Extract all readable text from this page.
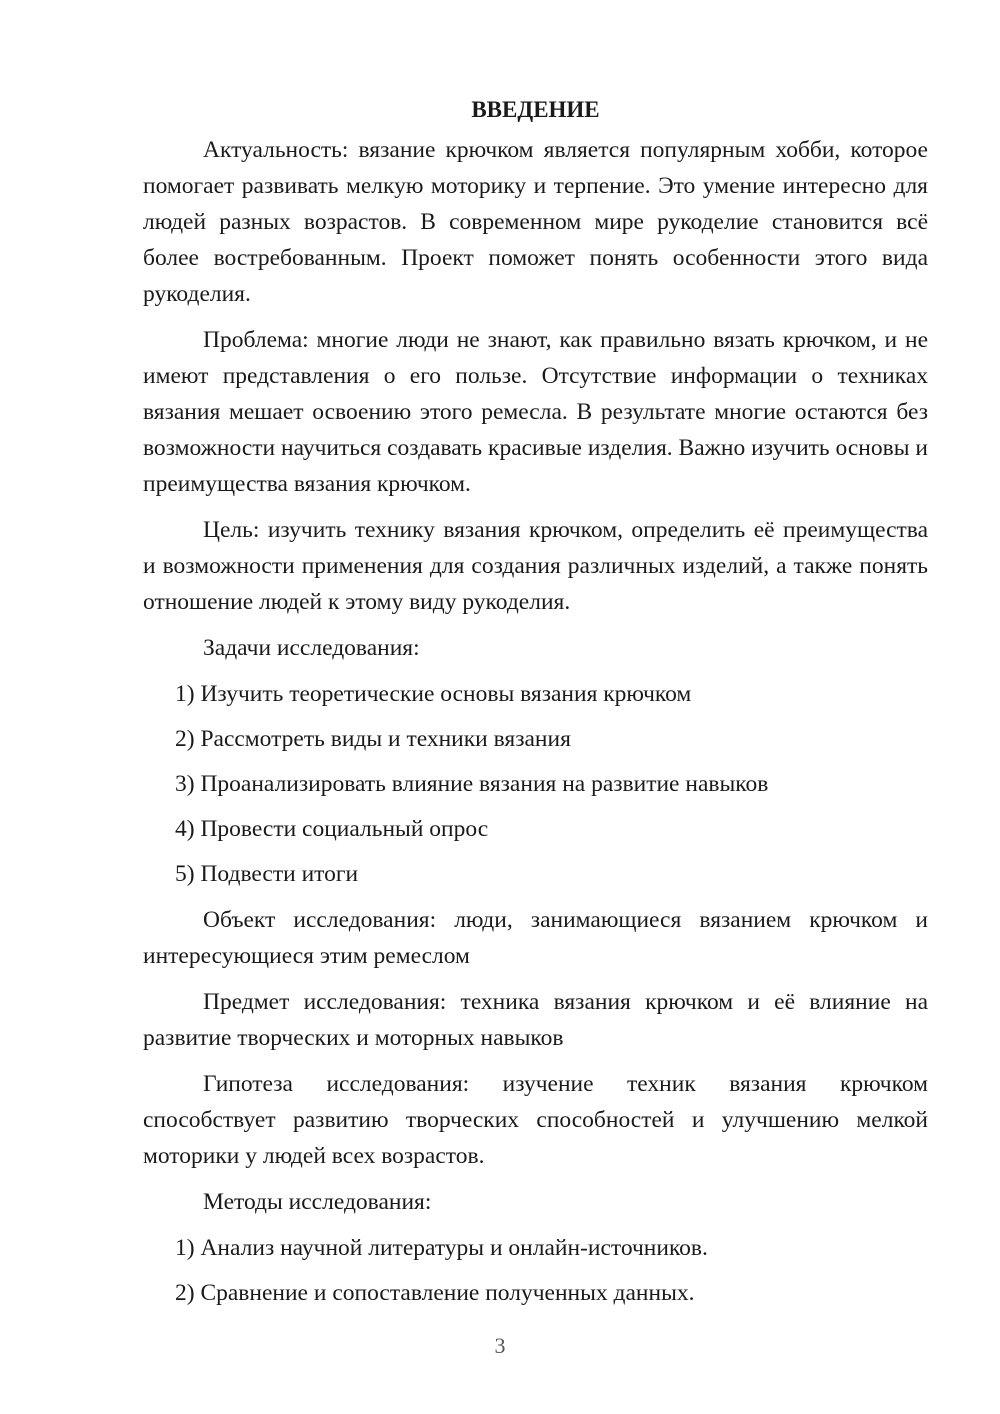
ВВЕДЕНИЕ

Актуальность: вязание крючком является популярным хобби, которое помогает развивать мелкую моторику и терпение. Это умение интересно для людей разных возрастов. В современном мире рукоделие становится всё более востребованным. Проект поможет понять особенности этого вида рукоделия.

Проблема: многие люди не знают, как правильно вязать крючком, и не имеют представления о его пользе. Отсутствие информации о техниках вязания мешает освоению этого ремесла. В результате многие остаются без возможности научиться создавать красивые изделия. Важно изучить основы и преимущества вязания крючком.

Цель: изучить технику вязания крючком, определить её преимущества и возможности применения для создания различных изделий, а также понять отношение людей к этому виду рукоделия.

Задачи исследования:

1) Изучить теоретические основы вязания крючком
2) Рассмотреть виды и техники вязания
3) Проанализировать влияние вязания на развитие навыков
4) Провести социальный опрос
5) Подвести итоги

Объект исследования: люди, занимающиеся вязанием крючком и интересующиеся этим ремеслом

Предмет исследования: техника вязания крючком и её влияние на развитие творческих и моторных навыков

Гипотеза исследования: изучение техник вязания крючком способствует развитию творческих способностей и улучшению мелкой моторики у людей всех возрастов.

Методы исследования:

1) Анализ научной литературы и онлайн-источников.
2) Сравнение и сопоставление полученных данных.
3
